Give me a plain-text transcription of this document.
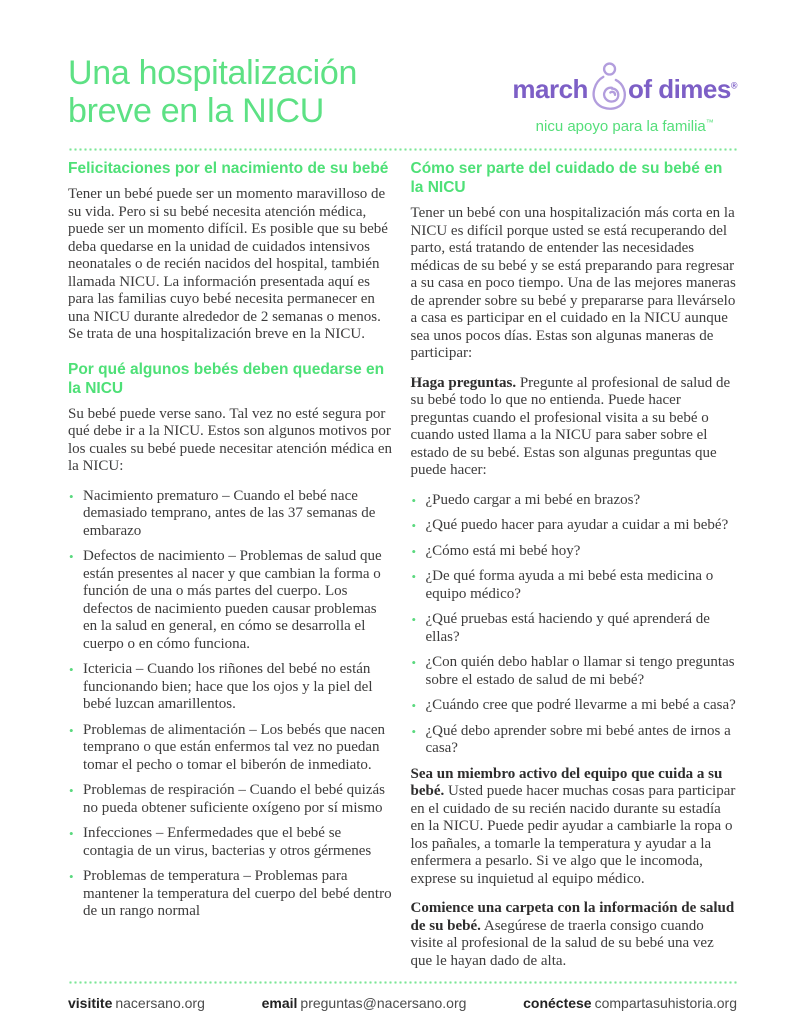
Una hospitalización
breve en la NICU
march of dimes®
nicu apoyo para la familia™
Felicitaciones por el nacimiento de su bebé

Tener un bebé puede ser un momento maravilloso de su vida. Pero si su bebé necesita atención médica, puede ser un momento difícil. Es posible que su bebé deba quedarse en la unidad de cuidados intensivos neonatales o de recién nacidos del hospital, también llamada NICU. La información presentada aquí es para las familias cuyo bebé necesita permanecer en una NICU durante alrededor de 2 semanas o menos. Se trata de una hospitalización breve en la NICU.

Por qué algunos bebés deben quedarse en la NICU

Su bebé puede verse sano. Tal vez no esté segura por qué debe ir a la NICU. Estos son algunos motivos por los cuales su bebé puede necesitar atención médica en la NICU:

• Nacimiento prematuro – Cuando el bebé nace demasiado temprano, antes de las 37 semanas de embarazo
• Defectos de nacimiento – Problemas de salud que están presentes al nacer y que cambian la forma o función de una o más partes del cuerpo. Los defectos de nacimiento pueden causar problemas en la salud en general, en cómo se desarrolla el cuerpo o en cómo funciona.
• Ictericia – Cuando los riñones del bebé no están funcionando bien; hace que los ojos y la piel del bebé luzcan amarillentos.
• Problemas de alimentación – Los bebés que nacen temprano o que están enfermos tal vez no puedan tomar el pecho o tomar el biberón de inmediato.
• Problemas de respiración – Cuando el bebé quizás no pueda obtener suficiente oxígeno por sí mismo
• Infecciones – Enfermedades que el bebé se contagia de un virus, bacterias y otros gérmenes
• Problemas de temperatura – Problemas para mantener la temperatura del cuerpo del bebé dentro de un rango normal
Cómo ser parte del cuidado de su bebé en la NICU

Tener un bebé con una hospitalización más corta en la NICU es difícil porque usted se está recuperando del parto, está tratando de entender las necesidades médicas de su bebé y se está preparando para regresar a su casa en poco tiempo. Una de las mejores maneras de aprender sobre su bebé y prepararse para llevárselo a casa es participar en el cuidado en la NICU aunque sea unos pocos días. Estas son algunas maneras de participar:

Haga preguntas. Pregunte al profesional de salud de su bebé todo lo que no entienda. Puede hacer preguntas cuando el profesional visita a su bebé o cuando usted llama a la NICU para saber sobre el estado de su bebé. Estas son algunas preguntas que puede hacer:

• ¿Puedo cargar a mi bebé en brazos?
• ¿Qué puedo hacer para ayudar a cuidar a mi bebé?
• ¿Cómo está mi bebé hoy?
• ¿De qué forma ayuda a mi bebé esta medicina o equipo médico?
• ¿Qué pruebas está haciendo y qué aprenderá de ellas?
• ¿Con quién debo hablar o llamar si tengo preguntas sobre el estado de salud de mi bebé?
• ¿Cuándo cree que podré llevarme a mi bebé a casa?
• ¿Qué debo aprender sobre mi bebé antes de irnos a casa?

Sea un miembro activo del equipo que cuida a su bebé. Usted puede hacer muchas cosas para participar en el cuidado de su recién nacido durante su estadía en la NICU. Puede pedir ayudar a cambiarle la ropa o los pañales, a tomarle la temperatura y ayudar a la enfermera a pesarlo. Si ve algo que le incomoda, exprese su inquietud al equipo médico.

Comience una carpeta con la información de salud de su bebé. Asegúrese de traerla consigo cuando visite al profesional de la salud de su bebé una vez que le hayan dado de alta.

visitite nacersano.org	email preguntas@nacersano.org	conéctese compartasuhistoria.org
